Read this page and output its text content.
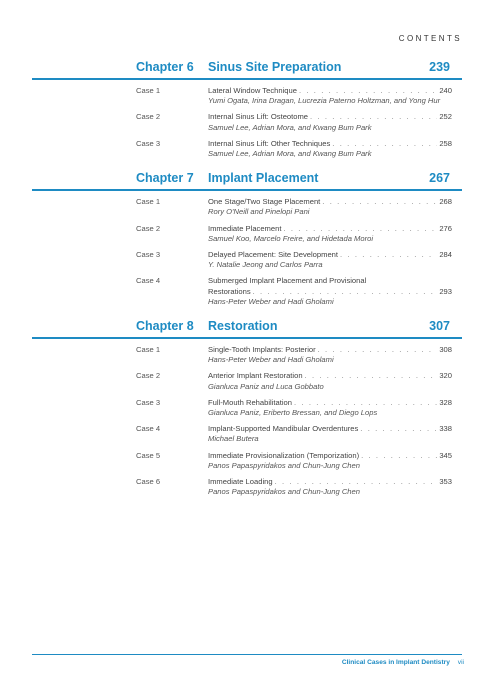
CONTENTS
Chapter 6 Sinus Site Preparation	239
Case 1	Lateral Window Technique . . .	240
Yumi Ogata, Irina Dragan, Lucrezia Paterno Holtzman, and Yong Hur
Case 2	Internal Sinus Lift: Osteotome . . .	252
Samuel Lee, Adrian Mora, and Kwang Bum Park
Case 3	Internal Sinus Lift: Other Techniques . . .	258
Samuel Lee, Adrian Mora, and Kwang Bum Park
Chapter 7 Implant Placement	267
Case 1	One Stage/Two Stage Placement . . .	268
Rory O'Neill and Pinelopi Pani
Case 2	Immediate Placement . . .	276
Samuel Koo, Marcelo Freire, and Hidetada Moroi
Case 3	Delayed Placement: Site Development . . .	284
Y. Natalie Jeong and Carlos Parra
Case 4	Submerged Implant Placement and Provisional
Restorations . . .	293
Hans-Peter Weber and Hadi Gholami
Chapter 8 Restoration	307
Case 1	Single-Tooth Implants: Posterior . . .	308
Hans-Peter Weber and Hadi Gholami
Case 2	Anterior Implant Restoration . . .	320
Gianluca Paniz and Luca Gobbato
Case 3	Full-Mouth Rehabilitation . . .	328
Gianluca Paniz, Eriberto Bressan, and Diego Lops
Case 4	Implant-Supported Mandibular Overdentures . . .	338
Michael Butera
Case 5	Immediate Provisionalization (Temporization) . . .	345
Panos Papaspyridakos and Chun-Jung Chen
Case 6	Immediate Loading . . .	353
Panos Papaspyridakos and Chun-Jung Chen
Clinical Cases in Implant Dentistry vii
